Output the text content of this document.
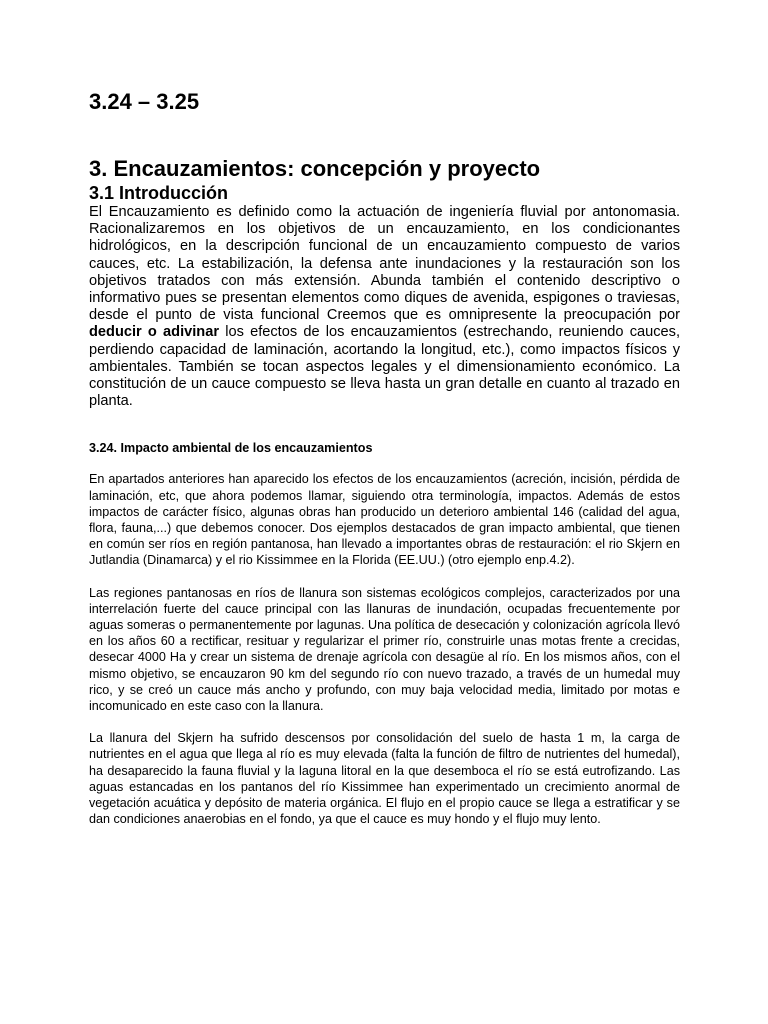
3.24 – 3.25
3. Encauzamientos: concepción y proyecto
3.1 Introducción

El Encauzamiento es definido como la actuación de ingeniería fluvial por antonomasia. Racionalizaremos en los objetivos de un encauzamiento, en los condicionantes hidrológicos, en la descripción funcional de un encauzamiento compuesto de varios cauces, etc. La estabilización, la defensa ante inundaciones y la restauración son los objetivos tratados con más extensión. Abunda también el contenido descriptivo o informativo pues se presentan elementos como diques de avenida, espigones o traviesas, desde el punto de vista funcional Creemos que es omnipresente la preocupación por deducir o adivinar los efectos de los encauzamientos (estrechando, reuniendo cauces, perdiendo capacidad de laminación, acortando la longitud, etc.), como impactos físicos y ambientales. También se tocan aspectos legales y el dimensionamiento económico. La constitución de un cauce compuesto se lleva hasta un gran detalle en cuanto al trazado en planta.

3.24. Impacto ambiental de los encauzamientos

En apartados anteriores han aparecido los efectos de los encauzamientos (acreción, incisión, pérdida de laminación, etc, que ahora podemos llamar, siguiendo otra terminología, impactos. Además de estos impactos de carácter físico, algunas obras han producido un deterioro ambiental 146 (calidad del agua, flora, fauna,...) que debemos conocer. Dos ejemplos destacados de gran impacto ambiental, que tienen en común ser ríos en región pantanosa, han llevado a importantes obras de restauración: el rio Skjern en Jutlandia (Dinamarca) y el rio Kissimmee en la Florida (EE.UU.) (otro ejemplo enp.4.2).

Las regiones pantanosas en ríos de llanura son sistemas ecológicos complejos, caracterizados por una interrelación fuerte del cauce principal con las llanuras de inundación, ocupadas frecuentemente por aguas someras o permanentemente por lagunas. Una política de desecación y colonización agrícola llevó en los años 60 a rectificar, resituar y regularizar el primer río, construirle unas motas frente a crecidas, desecar 4000 Ha y crear un sistema de drenaje agrícola con desagüe al río. En los mismos años, con el mismo objetivo, se encauzaron 90 km del segundo río con nuevo trazado, a través de un humedal muy rico, y se creó un cauce más ancho y profundo, con muy baja velocidad media, limitado por motas e incomunicado en este caso con la llanura.

La llanura del Skjern ha sufrido descensos por consolidación del suelo de hasta 1 m, la carga de nutrientes en el agua que llega al río es muy elevada (falta la función de filtro de nutrientes del humedal), ha desaparecido la fauna fluvial y la laguna litoral en la que desemboca el río se está eutrofizando. Las aguas estancadas en los pantanos del río Kissimmee han experimentado un crecimiento anormal de vegetación acuática y depósito de materia orgánica. El flujo en el propio cauce se llega a estratificar y se dan condiciones anaerobias en el fondo, ya que el cauce es muy hondo y el flujo muy lento.
